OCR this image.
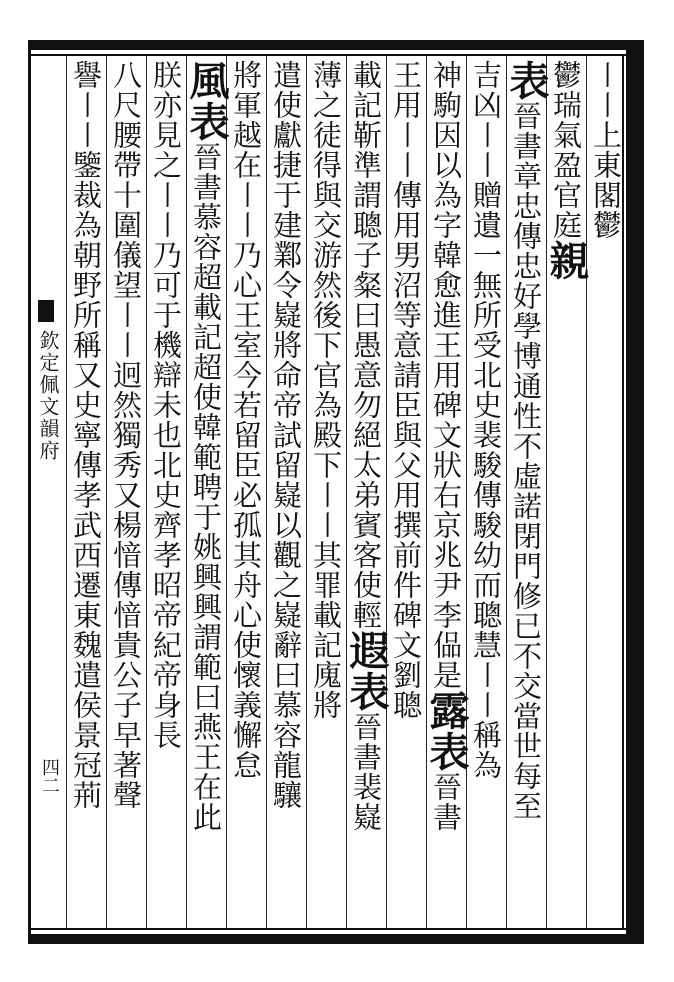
〡〡上東閣鬱
鬱瑞氣盈官庭親
表晉書章忠傳忠好學博通性不虛諾閉門修已不交當世每至
吉凶〡〡贈遺一無所受北史裴駿傳駿幼而聰慧〡〡稱為
神駒因以為字韓愈進王用碑文狀右京兆尹李偘是露表晉書
王用〡〡傳用男沼等意請臣與父用撰前件碑文劉聰
載記靳準謂聰子粲曰愚意勿絕太弟賓客使輕遐表晉書裴嶷
薄之徒得與交游然後下官為殿下〡〡其罪載記廆將
遣使獻捷于建鄴令嶷將命帝試留嶷以觀之嶷辭曰慕容龍驤
將軍越在〡〡乃心王室今若留臣必孤其舟心使懷義懈怠
風表晉書慕容超載記超使韓範聘于姚興興謂範曰燕王在此
朕亦見之〡〡乃可于機辯未也北史齊孝昭帝紀帝身長
八尺腰帶十圍儀望〡〡迥然獨秀又楊愔傳愔貴公子早著聲
譽〡〡鑒裁為朝野所稱又史寧傳孝武西遷東魏遣侯景冠荊
欽定佩文韻府
四二
